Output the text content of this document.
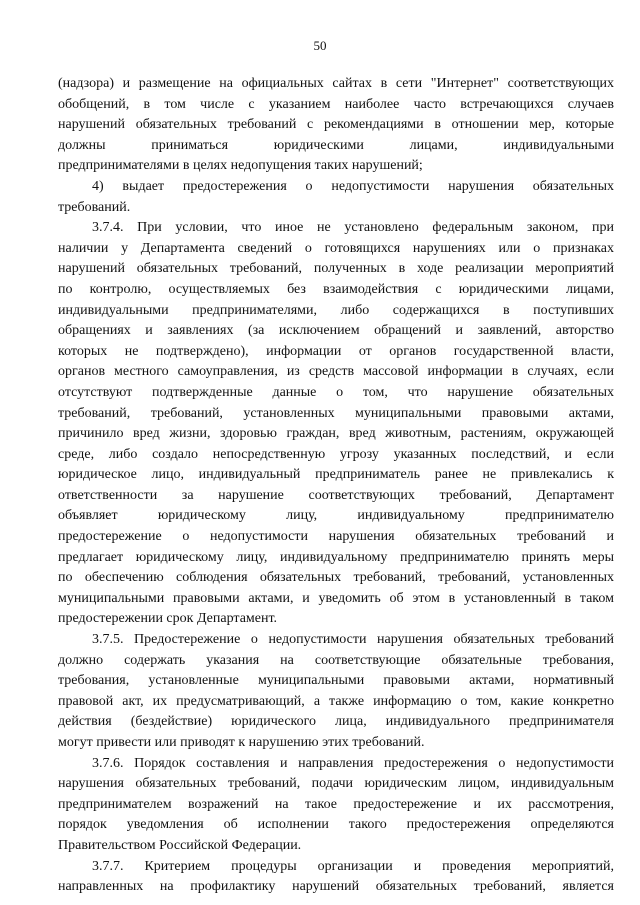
50
(надзора) и размещение на официальных сайтах в сети "Интернет" соответствующих
обобщений, в том числе с указанием наиболее часто встречающихся случаев
нарушений обязательных требований с рекомендациями в отношении мер, которые
должны приниматься юридическими лицами, индивидуальными
предпринимателями в целях недопущения таких нарушений;
4) выдает предостережения о недопустимости нарушения обязательных
требований.
3.7.4. При условии, что иное не установлено федеральным законом, при
наличии у Департамента сведений о готовящихся нарушениях или о признаках
нарушений обязательных требований, полученных в ходе реализации мероприятий
по контролю, осуществляемых без взаимодействия с юридическими лицами,
индивидуальными предпринимателями, либо содержащихся в поступивших
обращениях и заявлениях (за исключением обращений и заявлений, авторство
которых не подтверждено), информации от органов государственной власти,
органов местного самоуправления, из средств массовой информации в случаях, если
отсутствуют подтвержденные данные о том, что нарушение обязательных
требований, требований, установленных муниципальными правовыми актами,
причинило вред жизни, здоровью граждан, вред животным, растениям, окружающей
среде, либо создало непосредственную угрозу указанных последствий, и если
юридическое лицо, индивидуальный предприниматель ранее не привлекались к
ответственности за нарушение соответствующих требований, Департамент
объявляет юридическому лицу, индивидуальному предпринимателю
предостережение о недопустимости нарушения обязательных требований и
предлагает юридическому лицу, индивидуальному предпринимателю принять меры
по обеспечению соблюдения обязательных требований, требований, установленных
муниципальными правовыми актами, и уведомить об этом в установленный в таком
предостережении срок Департамент.
3.7.5. Предостережение о недопустимости нарушения обязательных требований
должно содержать указания на соответствующие обязательные требования,
требования, установленные муниципальными правовыми актами, нормативный
правовой акт, их предусматривающий, а также информацию о том, какие конкретно
действия (бездействие) юридического лица, индивидуального предпринимателя
могут привести или приводят к нарушению этих требований.
3.7.6. Порядок составления и направления предостережения о недопустимости
нарушения обязательных требований, подачи юридическим лицом, индивидуальным
предпринимателем возражений на такое предостережение и их рассмотрения,
порядок уведомления об исполнении такого предостережения определяются
Правительством Российской Федерации.
3.7.7. Критерием процедуры организации и проведения мероприятий,
направленных на профилактику нарушений обязательных требований, является
